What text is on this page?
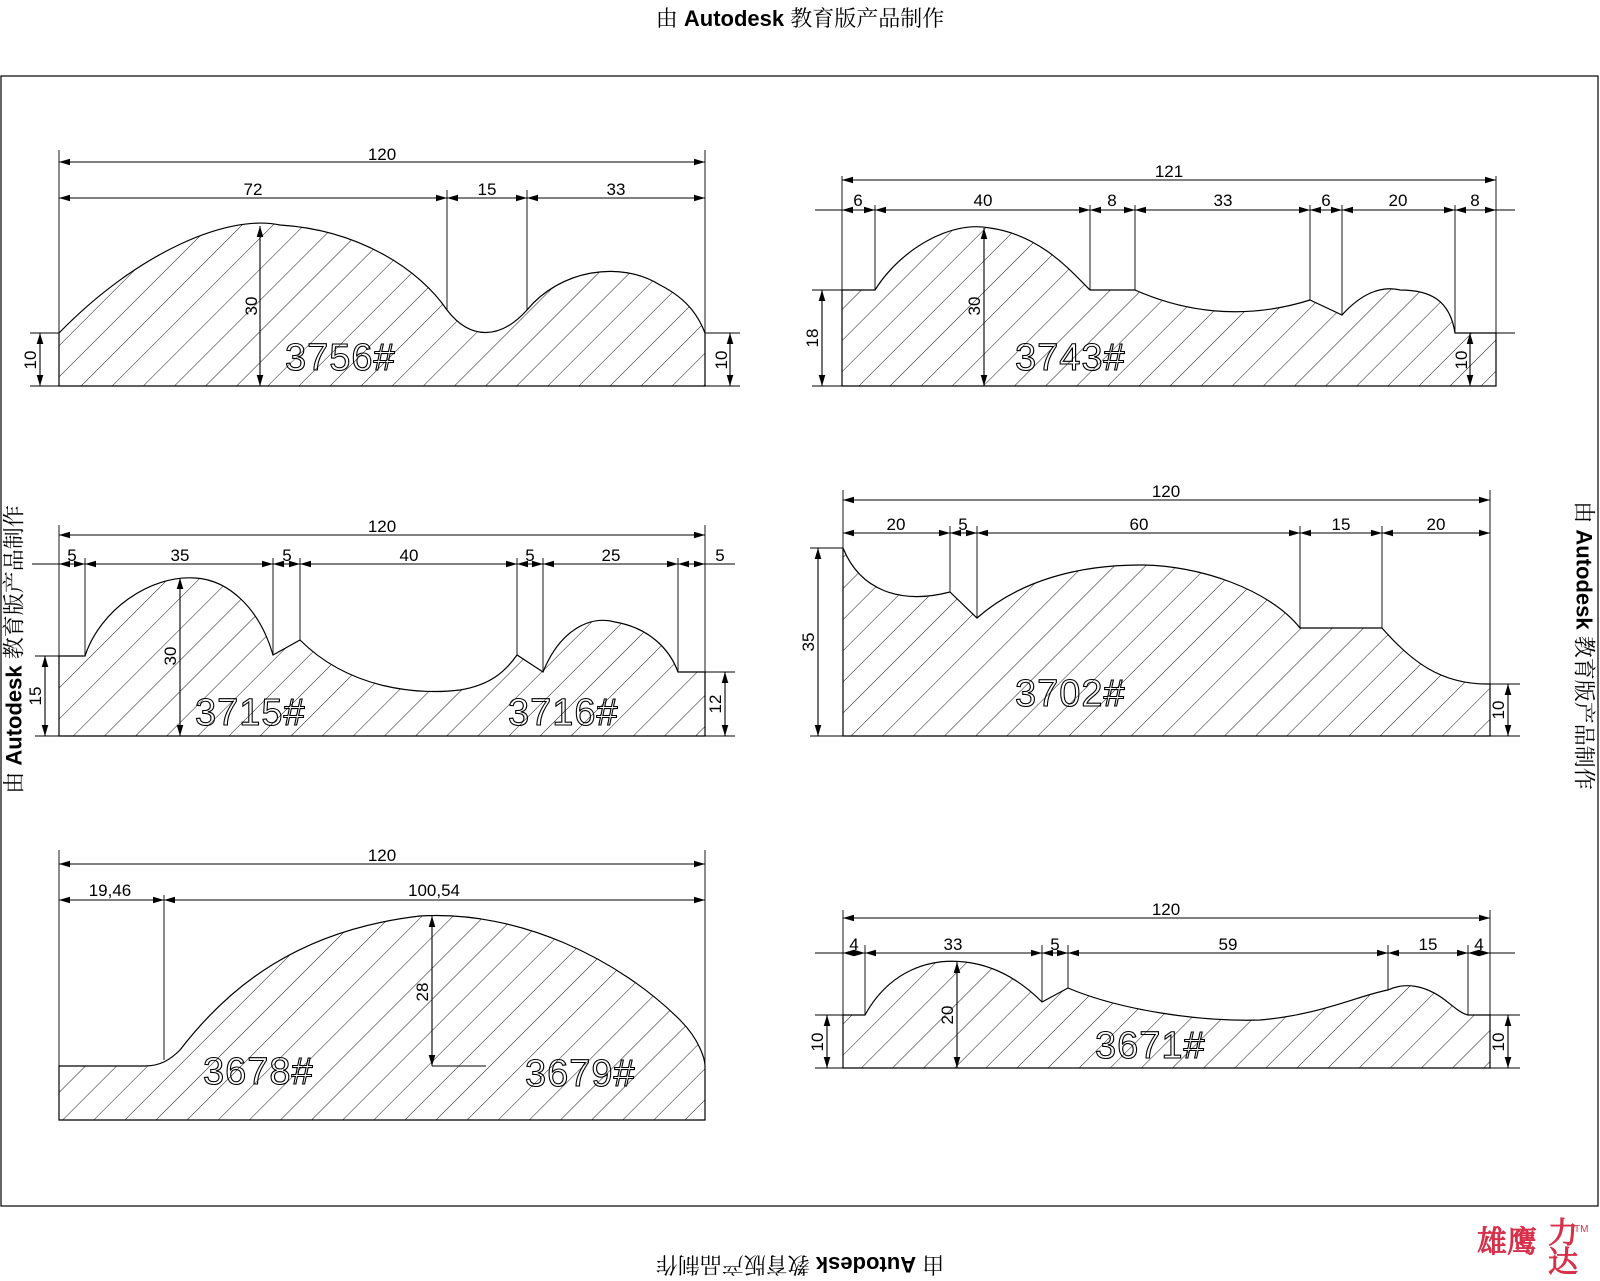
由 Autodesk 教育版产品制作
由 Autodesk 教育版产品制作
由 Autodesk 教育版产品制作	由 Autodesk 教育版产品制作
120
72	15	33
30
10	10
3756#
121
6	40	8	33	6	20	8
30
18
10
3743#
120
5	35	5	40	5	25	5
30
15	12
3715#	3716#
120
20	5	60	15	20
35
10
3702#
120
19,46	100,54
28
3678#	3679#
120
4	33	5	59	15 4
20
10	10
3671#
雄鹰 力
达
TM
